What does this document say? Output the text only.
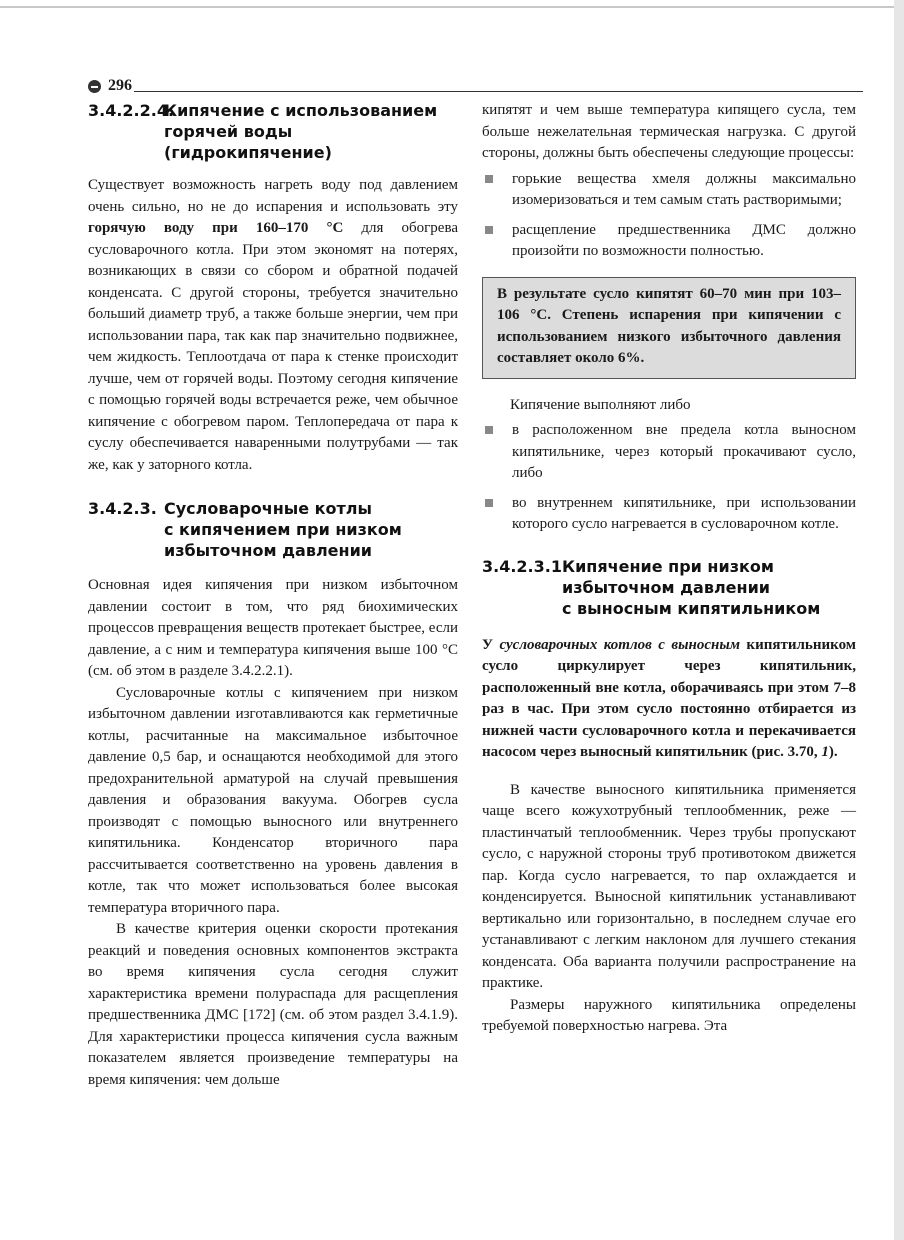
296
3.4.2.2.4.
Кипячение с использованием
горячей воды
(гидрокипячение)

Существует возможность нагреть воду под давлением очень сильно, но не до испарения и использовать эту горячую воду при 160–170 °С для обогрева сусловарочного котла. При этом экономят на потерях, возникающих в связи со сбором и обратной подачей конденсата. С другой стороны, требуется значительно больший диаметр труб, а также больше энергии, чем при использовании пара, так как пар значительно подвижнее, чем жидкость. Теплоотдача от пара к стенке происходит лучше, чем от горячей воды. Поэтому сегодня кипячение с помощью горячей воды встречается реже, чем обычное кипячение с обогревом паром. Теплопередача от пара к суслу обеспечивается наваренными полутрубами — так же, как у заторного котла.

3.4.2.3. Сусловарочные котлы
с кипячением при низком
избыточном давлении

Основная идея кипячения при низком избыточном давлении состоит в том, что ряд биохимических процессов превращения веществ протекает быстрее, если давление, а с ним и температура кипячения выше 100 °С (см. об этом в разделе 3.4.2.2.1).

Сусловарочные котлы с кипячением при низком избыточном давлении изготавливаются как герметичные котлы, расчитанные на максимальное избыточное давление 0,5 бар, и оснащаются необходимой для этого предохранительной арматурой на случай превышения давления и образования вакуума. Обогрев сусла производят с помощью выносного или внутреннего кипятильника. Конденсатор вторичного пара рассчитывается соответственно на уровень давления в котле, так что может использоваться более высокая температура вторичного пара.

В качестве критерия оценки скорости протекания реакций и поведения основных компонентов экстракта во время кипячения сусла сегодня служит характеристика времени полураспада для расщепления предшественника ДМС [172] (см. об этом раздел 3.4.1.9). Для характеристики процесса кипячения сусла важным показателем является произведение температуры на время кипячения: чем дольше

кипятят и чем выше температура кипящего сусла, тем больше нежелательная термическая нагрузка. С другой стороны, должны быть обеспечены следующие процессы:

горькие вещества хмеля должны максимально изомеризоваться и тем самым стать растворимыми;
расщепление предшественника ДМС должно произойти по возможности полностью.
В результате сусло кипятят 60–70 мин при 103–106 °С. Степень испарения при кипячении с использованием низкого избыточного давления составляет около 6%.

Кипячение выполняют либо

в расположенном вне предела котла выносном кипятильнике, через который прокачивают сусло, либо
во внутреннем кипятильнике, при использовании которого сусло нагревается в сусловарочном котле.
3.4.2.3.1.
Кипячение при низком
избыточном давлении
с выносным кипятильником

У сусловарочных котлов с выносным кипятильником сусло циркулирует через кипятильник, расположенный вне котла, оборачиваясь при этом 7–8 раз в час. При этом сусло постоянно отбирается из нижней части сусловарочного котла и перекачивается насосом через выносный кипятильник (рис. 3.70, 1).

В качестве выносного кипятильника применяется чаще всего кожухотрубный теплообменник, реже — пластинчатый теплообменник. Через трубы пропускают сусло, с наружной стороны труб противотоком движется пар. Когда сусло нагревается, то пар охлаждается и конденсируется. Выносной кипятильник устанавливают вертикально или горизонтально, в последнем случае его устанавливают с легким наклоном для лучшего стекания конденсата. Оба варианта получили распространение на практике.

Размеры наружного кипятильника определены требуемой поверхностью нагрева. Эта
